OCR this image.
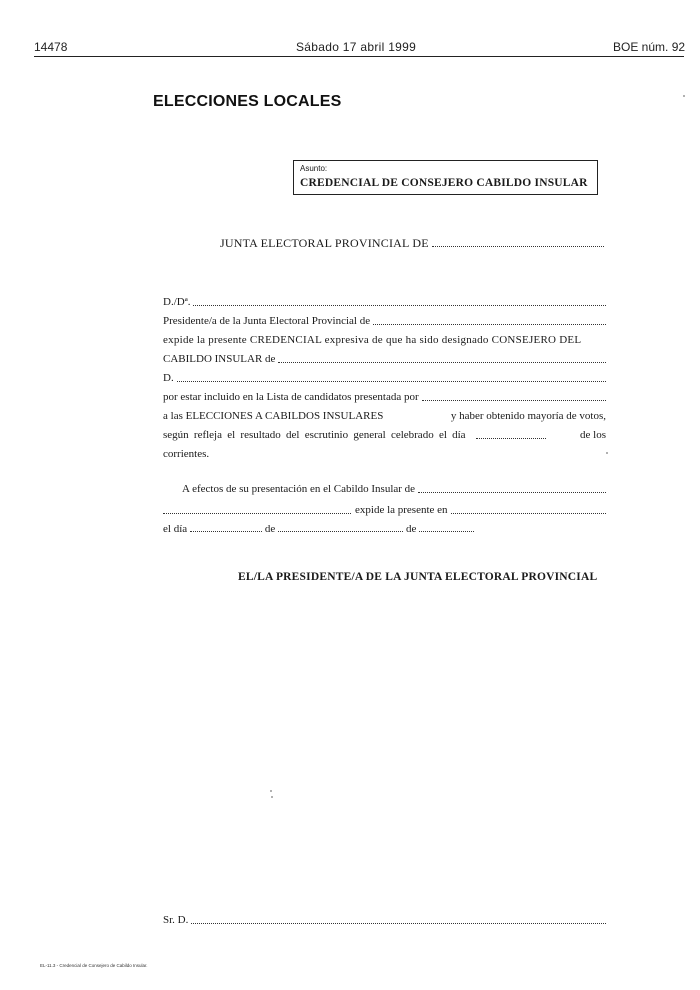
14478	Sábado 17 abril 1999	BOE núm. 92
ELECCIONES LOCALES
Asunto:
CREDENCIAL DE CONSEJERO CABILDO INSULAR
JUNTA ELECTORAL PROVINCIAL DE
D./Dª.
Presidente/a de la Junta Electoral Provincial de
expide la presente CREDENCIAL expresiva de que ha sido designado CONSEJERO DEL
CABILDO INSULAR de
D.
por estar incluido en la Lista de candidatos presentada por
a las ELECCIONES A CABILDOS INSULARES	y haber obtenido mayoría de votos,
según refleja el resultado del escrutinio general celebrado el día	de los
corrientes.
A efectos de su presentación en el Cabildo Insular de
expide la presente en
el día	de	de
EL/LA PRESIDENTE/A DE LA JUNTA ELECTORAL PROVINCIAL
Sr. D.
EL-11.3 - Credencial de Consejero de Cabildo Insular.
